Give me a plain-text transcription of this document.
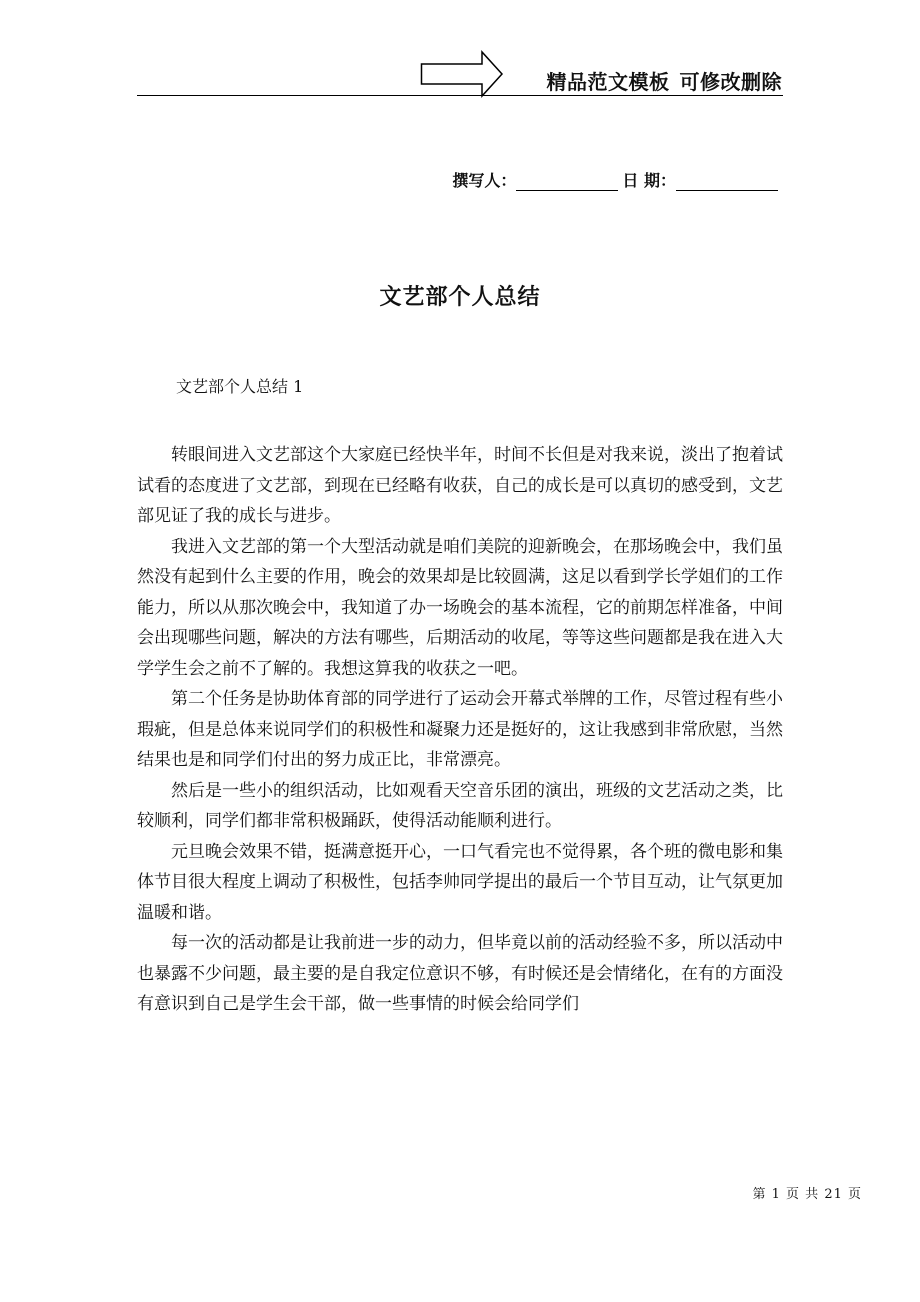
精品范文模板 可修改删除
撰写人：	日 期：
文艺部个人总结
文艺部个人总结 1

转眼间进入文艺部这个大家庭已经快半年，时间不长但是对我来说，淡出了抱着试试看的态度进了文艺部，到现在已经略有收获，自己的成长是可以真切的感受到，文艺部见证了我的成长与进步。

我进入文艺部的第一个大型活动就是咱们美院的迎新晚会，在那场晚会中，我们虽然没有起到什么主要的作用，晚会的效果却是比较圆满，这足以看到学长学姐们的工作能力，所以从那次晚会中，我知道了办一场晚会的基本流程，它的前期怎样准备，中间会出现哪些问题，解决的方法有哪些，后期活动的收尾，等等这些问题都是我在进入大学学生会之前不了解的。我想这算我的收获之一吧。

第二个任务是协助体育部的同学进行了运动会开幕式举牌的工作，尽管过程有些小瑕疵，但是总体来说同学们的积极性和凝聚力还是挺好的，这让我感到非常欣慰，当然结果也是和同学们付出的努力成正比，非常漂亮。

然后是一些小的组织活动，比如观看天空音乐团的演出，班级的文艺活动之类，比较顺利，同学们都非常积极踊跃，使得活动能顺利进行。

元旦晚会效果不错，挺满意挺开心，一口气看完也不觉得累，各个班的微电影和集体节目很大程度上调动了积极性，包括李帅同学提出的最后一个节目互动，让气氛更加温暖和谐。

每一次的活动都是让我前进一步的动力，但毕竟以前的活动经验不多，所以活动中也暴露不少问题，最主要的是自我定位意识不够，有时候还是会情绪化，在有的方面没有意识到自己是学生会干部，做一些事情的时候会给同学们

第 1 页 共 21 页
